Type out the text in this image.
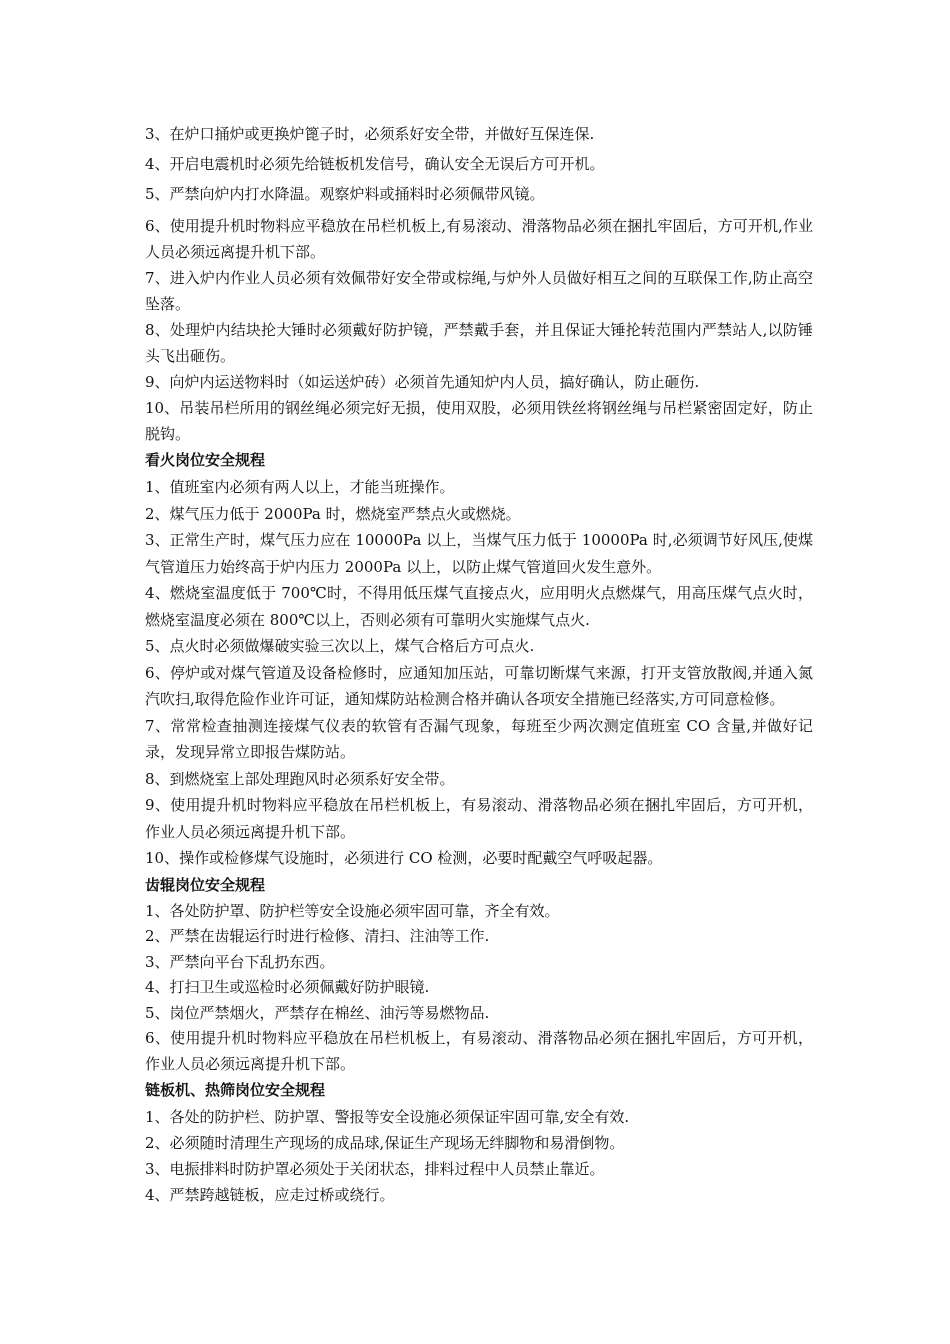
3、在炉口捅炉或更换炉篦子时，必须系好安全带，并做好互保连保.

4、开启电震机时必须先给链板机发信号，确认安全无误后方可开机。

5、严禁向炉内打水降温。观察炉料或捅料时必须佩带风镜。

6、使用提升机时物料应平稳放在吊栏机板上,有易滚动、滑落物品必须在捆扎牢固后，方可开机,作业人员必须远离提升机下部。

7、进入炉内作业人员必须有效佩带好安全带或棕绳,与炉外人员做好相互之间的互联保工作,防止高空坠落。

8、处理炉内结块抡大锤时必须戴好防护镜，严禁戴手套，并且保证大锤抡转范围内严禁站人,以防锤头飞出砸伤。

9、向炉内运送物料时（如运送炉砖）必须首先通知炉内人员，搞好确认，防止砸伤.

10、吊装吊栏所用的钢丝绳必须完好无损，使用双股，必须用铁丝将钢丝绳与吊栏紧密固定好，防止脱钩。

看火岗位安全规程

1、值班室内必须有两人以上，才能当班操作。

2、煤气压力低于 2000Pa 时，燃烧室严禁点火或燃烧。

3、正常生产时，煤气压力应在 10000Pa 以上，当煤气压力低于 10000Pa 时,必须调节好风压,使煤气管道压力始终高于炉内压力 2000Pa 以上，以防止煤气管道回火发生意外。

4、燃烧室温度低于 700℃时，不得用低压煤气直接点火，应用明火点燃煤气，用高压煤气点火时，燃烧室温度必须在 800℃以上，否则必须有可靠明火实施煤气点火.

5、点火时必须做爆破实验三次以上，煤气合格后方可点火.

6、停炉或对煤气管道及设备检修时，应通知加压站，可靠切断煤气来源，打开支管放散阀,并通入氮汽吹扫,取得危险作业许可证，通知煤防站检测合格并确认各项安全措施已经落实,方可同意检修。

7、常常检查抽测连接煤气仪表的软管有否漏气现象，每班至少两次测定值班室 CO 含量,并做好记录，发现异常立即报告煤防站。

8、到燃烧室上部处理跑风时必须系好安全带。

9、使用提升机时物料应平稳放在吊栏机板上，有易滚动、滑落物品必须在捆扎牢固后，方可开机，作业人员必须远离提升机下部。

10、操作或检修煤气设施时，必须进行 CO 检测，必要时配戴空气呼吸起器。

齿辊岗位安全规程

1、各处防护罩、防护栏等安全设施必须牢固可靠，齐全有效。

2、严禁在齿辊运行时进行检修、清扫、注油等工作.

3、严禁向平台下乱扔东西。

4、打扫卫生或巡检时必须佩戴好防护眼镜.

5、岗位严禁烟火，严禁存在棉丝、油污等易燃物品.

6、使用提升机时物料应平稳放在吊栏机板上，有易滚动、滑落物品必须在捆扎牢固后，方可开机，作业人员必须远离提升机下部。

链板机、热筛岗位安全规程

1、各处的防护栏、防护罩、警报等安全设施必须保证牢固可靠,安全有效.

2、必须随时清理生产现场的成品球,保证生产现场无绊脚物和易滑倒物。

3、电振排料时防护罩必须处于关闭状态，排料过程中人员禁止靠近。

4、严禁跨越链板，应走过桥或绕行。
